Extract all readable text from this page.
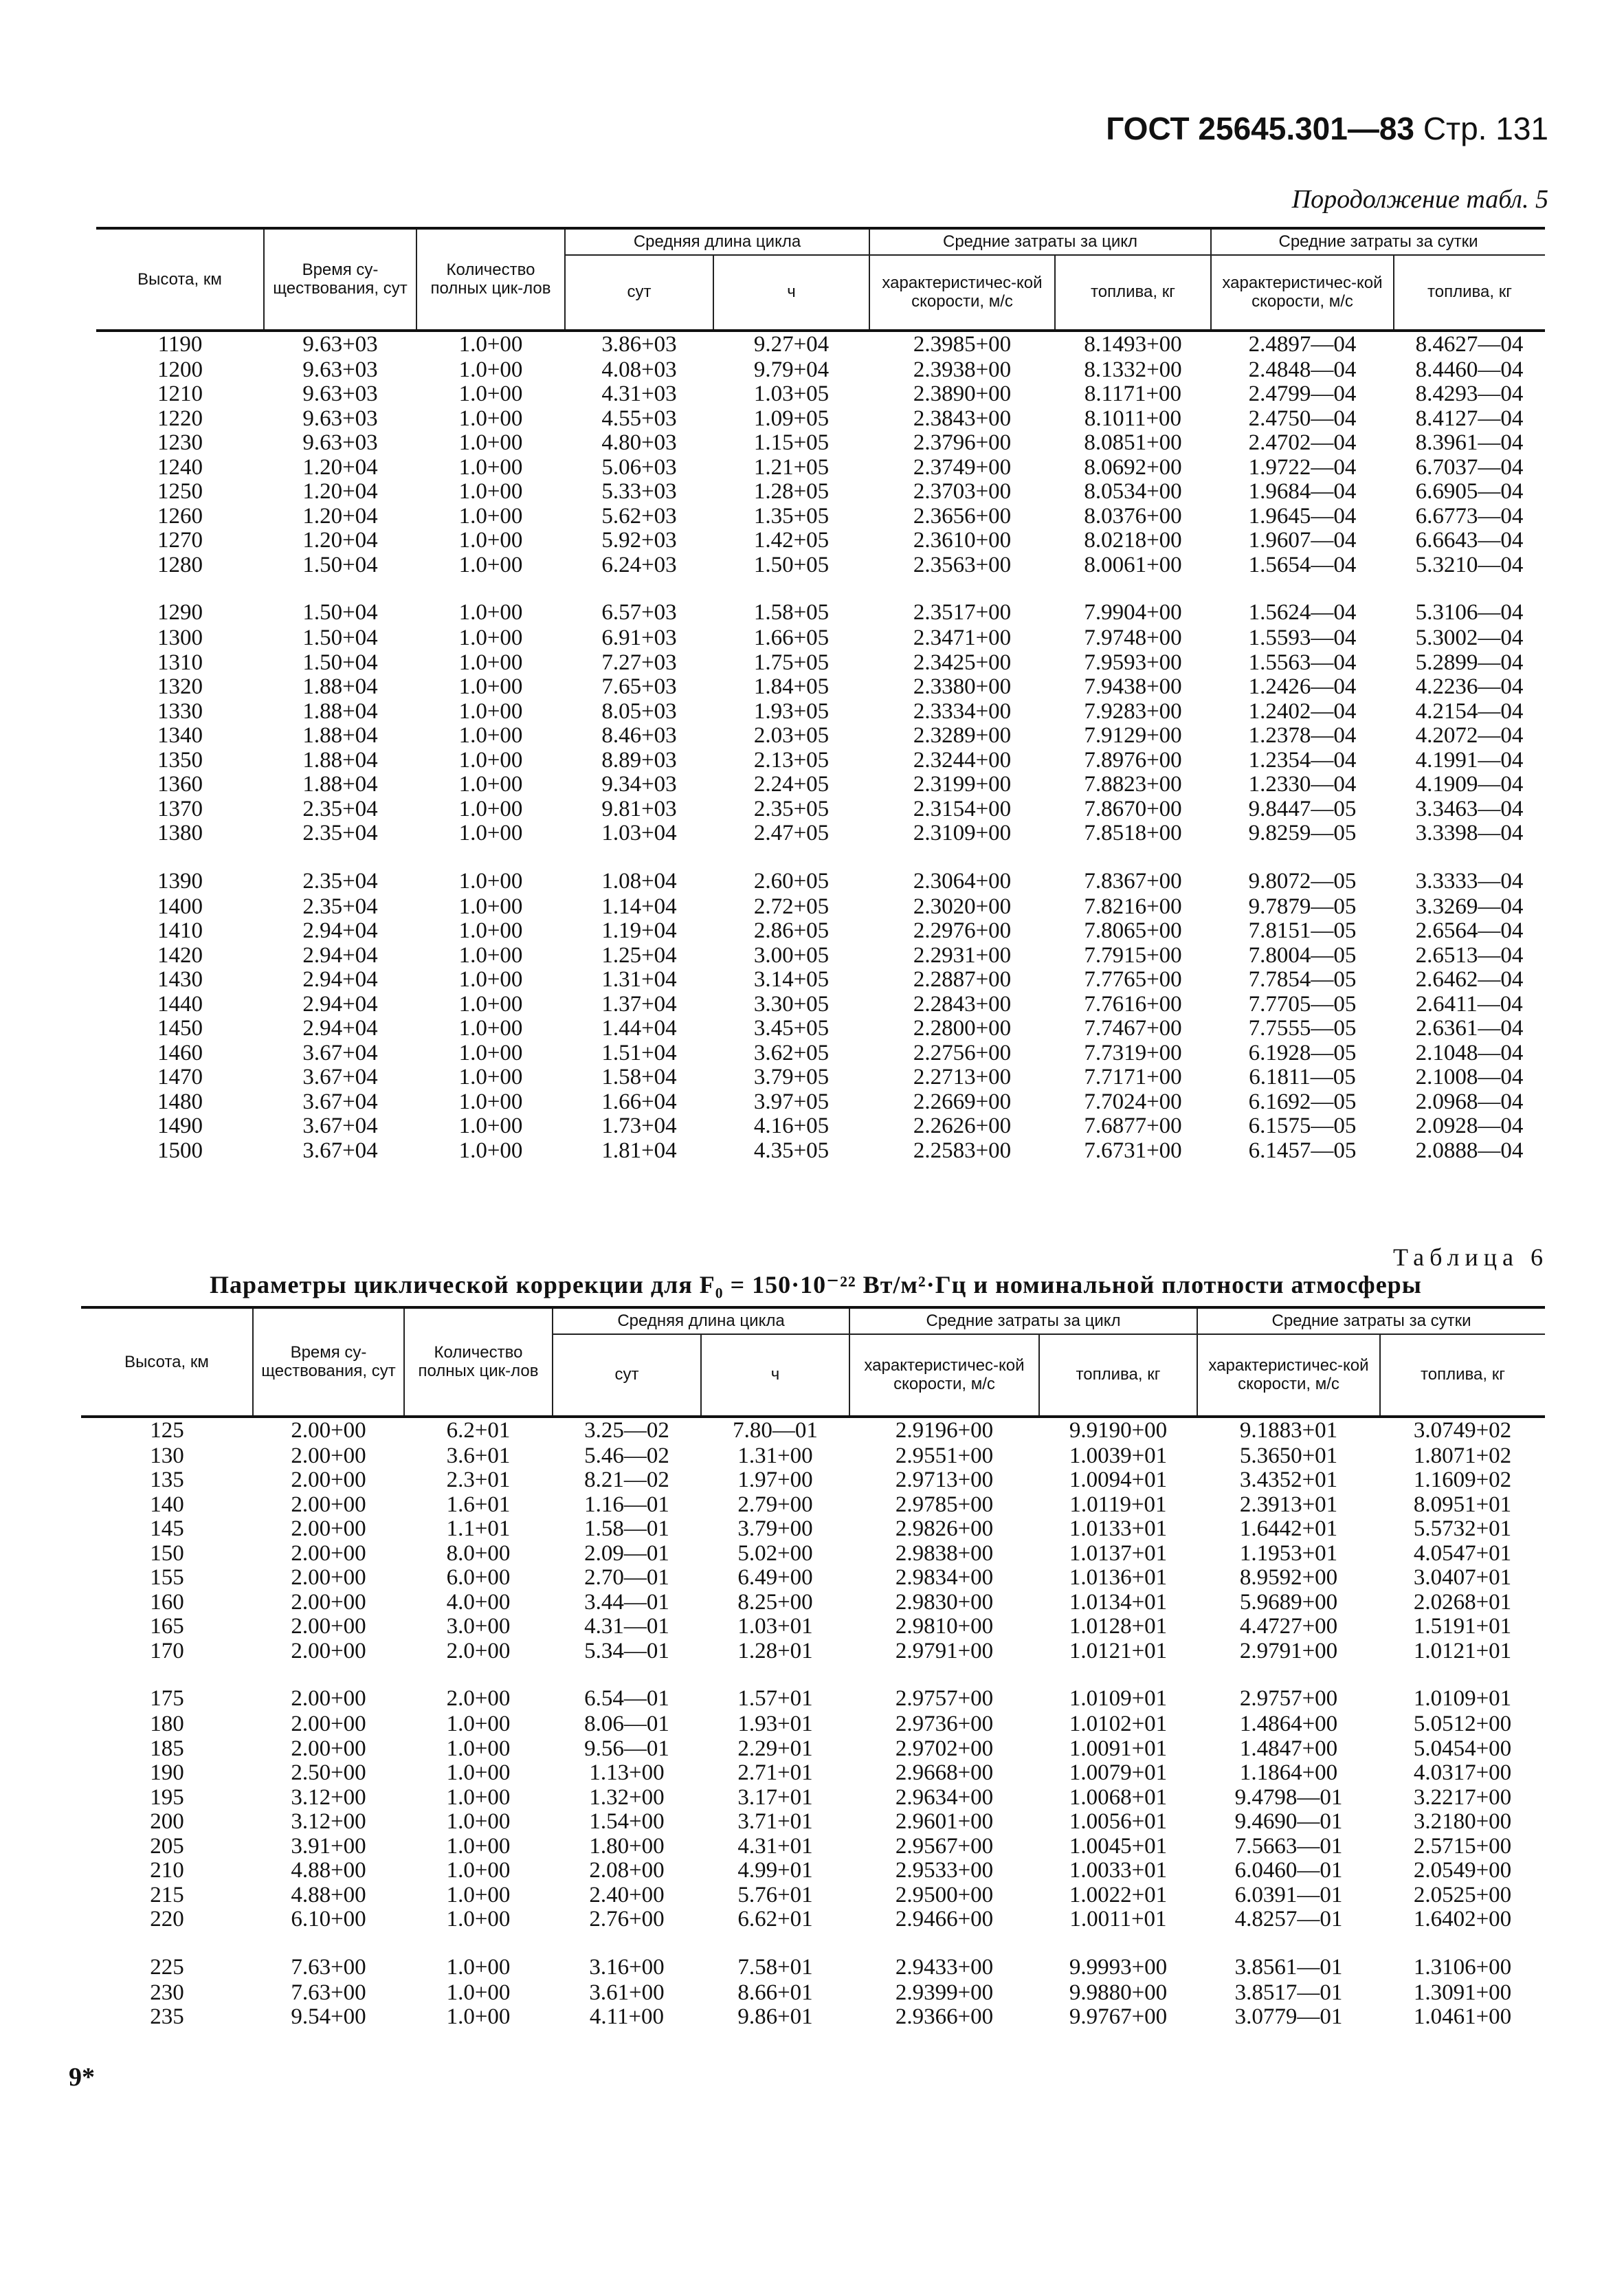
ГОСТ 25645.301—83 Стр. 131
Породолжение табл. 5
Высота, км	Время су-ществования, сут	Количество полных цик-лов	Средняя длина цикла		Средние затраты за цикл		Средние затраты за сутки	
			сут	ч	характеристичес-кой скорости, м/с	топлива, кг	характеристичес-кой скорости, м/с	топлива, кг
1190	9.63+03	1.0+00	3.86+03	9.27+04	2.3985+00	8.1493+00	2.4897—04	8.4627—04
1200	9.63+03	1.0+00	4.08+03	9.79+04	2.3938+00	8.1332+00	2.4848—04	8.4460—04
1210	9.63+03	1.0+00	4.31+03	1.03+05	2.3890+00	8.1171+00	2.4799—04	8.4293—04
1220	9.63+03	1.0+00	4.55+03	1.09+05	2.3843+00	8.1011+00	2.4750—04	8.4127—04
1230	9.63+03	1.0+00	4.80+03	1.15+05	2.3796+00	8.0851+00	2.4702—04	8.3961—04
1240	1.20+04	1.0+00	5.06+03	1.21+05	2.3749+00	8.0692+00	1.9722—04	6.7037—04
1250	1.20+04	1.0+00	5.33+03	1.28+05	2.3703+00	8.0534+00	1.9684—04	6.6905—04
1260	1.20+04	1.0+00	5.62+03	1.35+05	2.3656+00	8.0376+00	1.9645—04	6.6773—04
1270	1.20+04	1.0+00	5.92+03	1.42+05	2.3610+00	8.0218+00	1.9607—04	6.6643—04
1280	1.50+04	1.0+00	6.24+03	1.50+05	2.3563+00	8.0061+00	1.5654—04	5.3210—04

1290	1.50+04	1.0+00	6.57+03	1.58+05	2.3517+00	7.9904+00	1.5624—04	5.3106—04
1300	1.50+04	1.0+00	6.91+03	1.66+05	2.3471+00	7.9748+00	1.5593—04	5.3002—04
1310	1.50+04	1.0+00	7.27+03	1.75+05	2.3425+00	7.9593+00	1.5563—04	5.2899—04
1320	1.88+04	1.0+00	7.65+03	1.84+05	2.3380+00	7.9438+00	1.2426—04	4.2236—04
1330	1.88+04	1.0+00	8.05+03	1.93+05	2.3334+00	7.9283+00	1.2402—04	4.2154—04
1340	1.88+04	1.0+00	8.46+03	2.03+05	2.3289+00	7.9129+00	1.2378—04	4.2072—04
1350	1.88+04	1.0+00	8.89+03	2.13+05	2.3244+00	7.8976+00	1.2354—04	4.1991—04
1360	1.88+04	1.0+00	9.34+03	2.24+05	2.3199+00	7.8823+00	1.2330—04	4.1909—04
1370	2.35+04	1.0+00	9.81+03	2.35+05	2.3154+00	7.8670+00	9.8447—05	3.3463—04
1380	2.35+04	1.0+00	1.03+04	2.47+05	2.3109+00	7.8518+00	9.8259—05	3.3398—04

1390	2.35+04	1.0+00	1.08+04	2.60+05	2.3064+00	7.8367+00	9.8072—05	3.3333—04
1400	2.35+04	1.0+00	1.14+04	2.72+05	2.3020+00	7.8216+00	9.7879—05	3.3269—04
1410	2.94+04	1.0+00	1.19+04	2.86+05	2.2976+00	7.8065+00	7.8151—05	2.6564—04
1420	2.94+04	1.0+00	1.25+04	3.00+05	2.2931+00	7.7915+00	7.8004—05	2.6513—04
1430	2.94+04	1.0+00	1.31+04	3.14+05	2.2887+00	7.7765+00	7.7854—05	2.6462—04
1440	2.94+04	1.0+00	1.37+04	3.30+05	2.2843+00	7.7616+00	7.7705—05	2.6411—04
1450	2.94+04	1.0+00	1.44+04	3.45+05	2.2800+00	7.7467+00	7.7555—05	2.6361—04
1460	3.67+04	1.0+00	1.51+04	3.62+05	2.2756+00	7.7319+00	6.1928—05	2.1048—04
1470	3.67+04	1.0+00	1.58+04	3.79+05	2.2713+00	7.7171+00	6.1811—05	2.1008—04
1480	3.67+04	1.0+00	1.66+04	3.97+05	2.2669+00	7.7024+00	6.1692—05	2.0968—04
1490	3.67+04	1.0+00	1.73+04	4.16+05	2.2626+00	7.6877+00	6.1575—05	2.0928—04
1500	3.67+04	1.0+00	1.81+04	4.35+05	2.2583+00	7.6731+00	6.1457—05	2.0888—04
Таблица 6
Параметры циклической коррекции для F₀ = 150·10⁻²² Вт/м²·Гц и номинальной плотности атмосферы
Высота, км	Время су-ществования, сут	Количество полных цик-лов	Средняя длина цикла		Средние затраты за цикл		Средние затраты за сутки	
			сут	ч	характеристичес-кой скорости, м/с	топлива, кг	характеристичес-кой скорости, м/с	топлива, кг
125	2.00+00	6.2+01	3.25—02	7.80—01	2.9196+00	9.9190+00	9.1883+01	3.0749+02
130	2.00+00	3.6+01	5.46—02	1.31+00	2.9551+00	1.0039+01	5.3650+01	1.8071+02
135	2.00+00	2.3+01	8.21—02	1.97+00	2.9713+00	1.0094+01	3.4352+01	1.1609+02
140	2.00+00	1.6+01	1.16—01	2.79+00	2.9785+00	1.0119+01	2.3913+01	8.0951+01
145	2.00+00	1.1+01	1.58—01	3.79+00	2.9826+00	1.0133+01	1.6442+01	5.5732+01
150	2.00+00	8.0+00	2.09—01	5.02+00	2.9838+00	1.0137+01	1.1953+01	4.0547+01
155	2.00+00	6.0+00	2.70—01	6.49+00	2.9834+00	1.0136+01	8.9592+00	3.0407+01
160	2.00+00	4.0+00	3.44—01	8.25+00	2.9830+00	1.0134+01	5.9689+00	2.0268+01
165	2.00+00	3.0+00	4.31—01	1.03+01	2.9810+00	1.0128+01	4.4727+00	1.5191+01
170	2.00+00	2.0+00	5.34—01	1.28+01	2.9791+00	1.0121+01	2.9791+00	1.0121+01

175	2.00+00	2.0+00	6.54—01	1.57+01	2.9757+00	1.0109+01	2.9757+00	1.0109+01
180	2.00+00	1.0+00	8.06—01	1.93+01	2.9736+00	1.0102+01	1.4864+00	5.0512+00
185	2.00+00	1.0+00	9.56—01	2.29+01	2.9702+00	1.0091+01	1.4847+00	5.0454+00
190	2.50+00	1.0+00	1.13+00	2.71+01	2.9668+00	1.0079+01	1.1864+00	4.0317+00
195	3.12+00	1.0+00	1.32+00	3.17+01	2.9634+00	1.0068+01	9.4798—01	3.2217+00
200	3.12+00	1.0+00	1.54+00	3.71+01	2.9601+00	1.0056+01	9.4690—01	3.2180+00
205	3.91+00	1.0+00	1.80+00	4.31+01	2.9567+00	1.0045+01	7.5663—01	2.5715+00
210	4.88+00	1.0+00	2.08+00	4.99+01	2.9533+00	1.0033+01	6.0460—01	2.0549+00
215	4.88+00	1.0+00	2.40+00	5.76+01	2.9500+00	1.0022+01	6.0391—01	2.0525+00
220	6.10+00	1.0+00	2.76+00	6.62+01	2.9466+00	1.0011+01	4.8257—01	1.6402+00

225	7.63+00	1.0+00	3.16+00	7.58+01	2.9433+00	9.9993+00	3.8561—01	1.3106+00
230	7.63+00	1.0+00	3.61+00	8.66+01	2.9399+00	9.9880+00	3.8517—01	1.3091+00
235	9.54+00	1.0+00	4.11+00	9.86+01	2.9366+00	9.9767+00	3.0779—01	1.0461+00
9*
